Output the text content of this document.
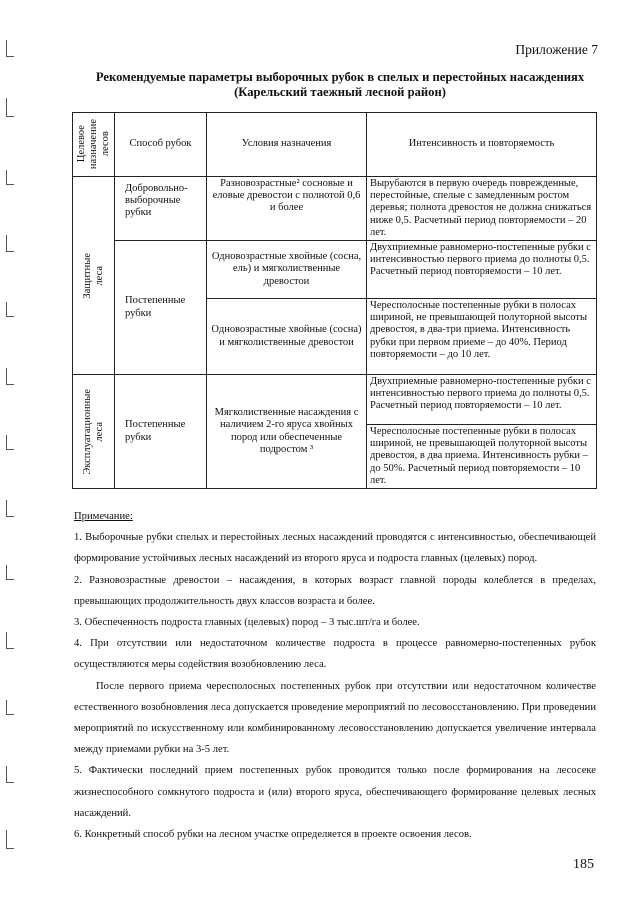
Приложение 7
Рекомендуемые параметры выборочных рубок в спелых и перестойных насаждениях
(Карельский таежный лесной район)
Целевое
назначение
лесов	Способ рубок	Условия назначения	Интенсивность и повторяемость

Защитные
леса	Добровольно-выборочные рубки	Разновозрастные² сосновые и еловые древостои с полнотой 0,6 и более	Вырубаются в первую очередь поврежденные, перестойные, спелые с замедленным ростом деревья; полнота древостоя не должна снижаться ниже 0,5. Расчетный период повторяемости – 20 лет.
	Постепенные рубки	Одновозрастные хвойные (сосна, ель) и мягколиственные древостои	Двухприемные равномерно-постепенные рубки с интенсивностью первого приема до полноты 0,5. Расчетный период повторяемости – 10 лет.
		Одновозрастные хвойные (сосна) и мягколиственные древостои	Чересполосные постепенные рубки в полосах шириной, не превышающей полуторной высоты древостоя, в два-три приема. Интенсивность рубки при первом приеме – до 40%. Период повторяемости – до 10 лет.

Эксплуатационные
леса	Постепенные рубки	Мягколиственные насаждения с наличием 2-го яруса хвойных пород или обеспеченные подростом ³	Двухприемные равномерно-постепенные рубки с интенсивностью первого приема до полноты 0,5. Расчетный период повторяемости – 10 лет.
			Чересполосные постепенные рубки в полосах шириной, не превышающей полуторной высоты древостоя, в два приема. Интенсивность рубки – до 50%. Расчетный период повторяемости – 10 лет.

Примечание:

1. Выборочные рубки спелых и перестойных лесных насаждений проводятся с интенсивностью, обеспечивающей формирование устойчивых лесных насаждений из второго яруса и подроста главных (целевых) пород.

2. Разновозрастные древостои – насаждения, в которых возраст главной породы колеблется в пределах, превышающих продолжительность двух классов возраста и более.

3. Обеспеченность подроста главных (целевых) пород – 3 тыс.шт/га и более.

4. При отсутствии или недостаточном количестве подроста в процессе равномерно-постепенных рубок осуществляются меры содействия возобновлению леса.

После первого приема чересполосных постепенных рубок при отсутствии или недостаточном количестве естественного возобновления леса допускается проведение мероприятий по лесовосстановлению. При проведении мероприятий по искусственному или комбинированному лесовосстановлению допускается увеличение интервала между приемами рубки на 3-5 лет.

5. Фактически последний прием постепенных рубок проводится только после формирования на лесосеке жизнеспособного сомкнутого подроста и (или) второго яруса, обеспечивающего формирование целевых лесных насаждений.

6. Конкретный способ рубки на лесном участке определяется в проекте освоения лесов.

185
